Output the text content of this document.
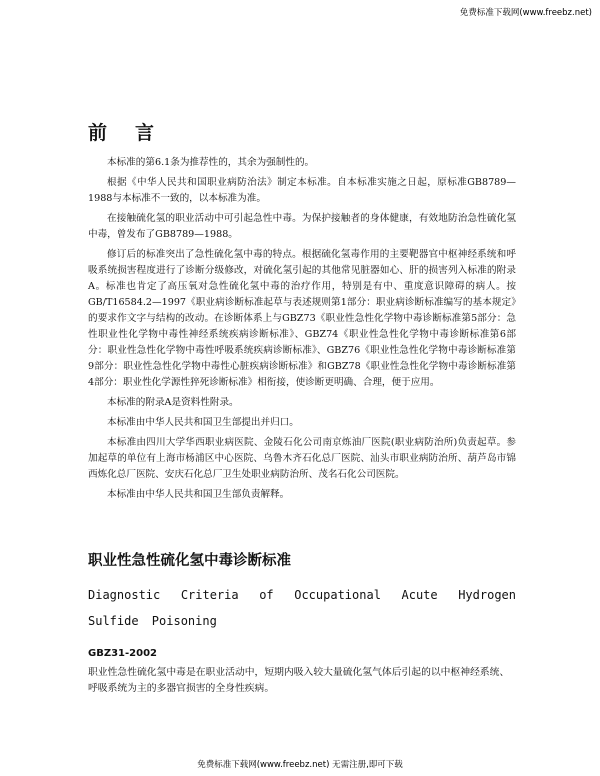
免费标准下载网(www.freebz.net)
前言

本标准的第6.1条为推荐性的，其余为强制性的。

根据《中华人民共和国职业病防治法》制定本标准。自本标准实施之日起，原标准GB8789—1988与本标准不一致的，以本标准为准。

在接触硫化氢的职业活动中可引起急性中毒。为保护接触者的身体健康，有效地防治急性硫化氢中毒，曾发布了GB8789—1988。

修订后的标准突出了急性硫化氢中毒的特点。根据硫化氢毒作用的主要靶器官中枢神经系统和呼吸系统损害程度进行了诊断分级修改，对硫化氢引起的其他常见脏器如心、肝的损害列入标准的附录A。标准也肯定了高压氧对急性硫化氢中毒的治疗作用，特别是有中、重度意识障碍的病人。按GB/T16584.2—1997《职业病诊断标准起草与表述规则第1部分：职业病诊断标准编写的基本规定》的要求作文字与结构的改动。在诊断体系上与GBZ73《职业性急性化学物中毒诊断标准第5部分：急性职业性化学物中毒性神经系统疾病诊断标准》、GBZ74《职业性急性化学物中毒诊断标准第6部分：职业性急性化学物中毒性呼吸系统疾病诊断标准》、GBZ76《职业性急性化学物中毒诊断标准第9部分：职业性急性化学物中毒性心脏疾病诊断标准》和GBZ78《职业性急性化学物中毒诊断标准第4部分：职业性化学源性猝死诊断标准》相衔接，使诊断更明确、合理，便于应用。

本标准的附录A是资料性附录。

本标准由中华人民共和国卫生部提出并归口。

本标准由四川大学华西职业病医院、金陵石化公司南京炼油厂医院(职业病防治所)负责起草。参加起草的单位有上海市杨浦区中心医院、乌鲁木齐石化总厂医院、汕头市职业病防治所、葫芦岛市锦西炼化总厂医院、安庆石化总厂卫生处职业病防治所、茂名石化公司医院。

本标准由中华人民共和国卫生部负责解释。

职业性急性硫化氢中毒诊断标准

Diagnostic Criteria of Occupational Acute Hydrogen Sulfide Poisoning

GBZ31-2002

职业性急性硫化氢中毒是在职业活动中，短期内吸入较大量硫化氢气体后引起的以中枢神经系统、呼吸系统为主的多器官损害的全身性疾病。

免费标准下载网(www.freebz.net) 无需注册,即可下载
